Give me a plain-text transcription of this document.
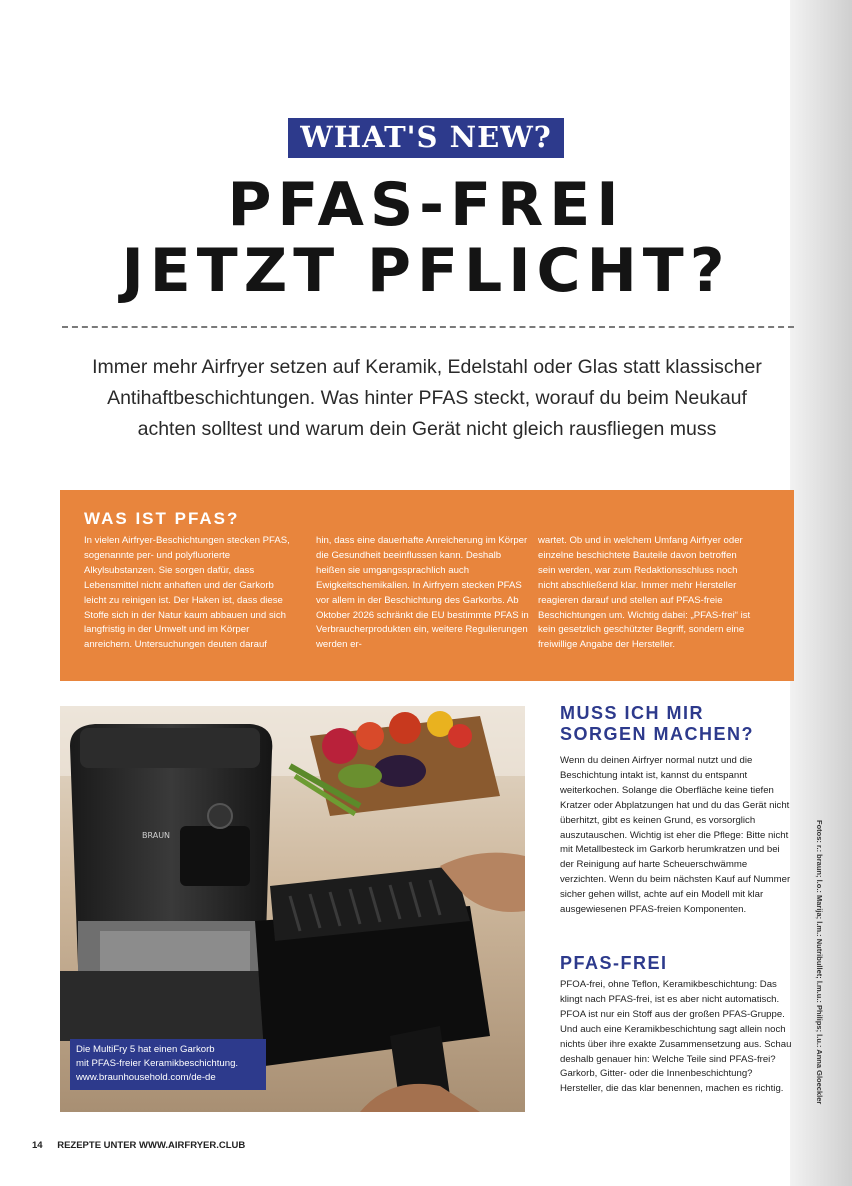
WHAT'S NEW?
PFAS-FREI
JETZT PFLICHT?

Immer mehr Airfryer setzen auf Keramik, Edelstahl oder Glas statt klassischer
Antihaftbeschichtungen. Was hinter PFAS steckt, worauf du beim Neukauf
achten solltest und warum dein Gerät nicht gleich rausfliegen muss

WAS IST PFAS?

In vielen Airfryer-Beschichtungen stecken PFAS, sogenannte per- und polyfluorierte Alkylsubstanzen. Sie sorgen dafür, dass Lebensmittel nicht anhaften und der Garkorb leicht zu reinigen ist. Der Haken ist, dass diese Stoffe sich in der Natur kaum abbauen und sich langfristig in der Umwelt und im Körper anreichern. Untersuchungen deuten darauf

hin, dass eine dauerhafte Anreicherung im Körper die Gesundheit beeinflussen kann. Deshalb heißen sie umgangssprachlich auch Ewigkeitschemikalien. In Airfryern stecken PFAS vor allem in der Beschichtung des Garkorbs. Ab Oktober 2026 schränkt die EU bestimmte PFAS in Verbraucherprodukten ein, weitere Regulierungen werden er-

wartet. Ob und in welchem Umfang Airfryer oder einzelne beschichtete Bauteile davon betroffen sein werden, war zum Redaktionsschluss noch nicht abschließend klar. Immer mehr Hersteller reagieren darauf und stellen auf PFAS-freie Beschichtungen um. Wichtig dabei: „PFAS-frei“ ist kein gesetzlich geschützter Begriff, sondern eine freiwillige Angabe der Hersteller.

BRAUN
Die MultiFry 5 hat einen Garkorb
mit PFAS-freier Keramikbeschichtung.
www.braunhousehold.com/de-de
MUSS ICH MIR
SORGEN MACHEN?

Wenn du deinen Airfryer normal nutzt und die Beschichtung intakt ist, kannst du entspannt weiterkochen. Solange die Oberfläche keine tiefen Kratzer oder Abplatzungen hat und du das Gerät nicht überhitzt, gibt es keinen Grund, es vorsorglich auszutauschen. Wichtig ist eher die Pflege: Bitte nicht mit Metallbesteck im Garkorb herumkratzen und bei der Reinigung auf harte Scheuerschwämme verzichten. Wenn du beim nächsten Kauf auf Nummer sicher gehen willst, achte auf ein Modell mit klar ausgewiesenen PFAS-freien Komponenten.

PFAS-FREI

PFOA-frei, ohne Teflon, Keramikbeschichtung: Das klingt nach PFAS-frei, ist es aber nicht automatisch. PFOA ist nur ein Stoff aus der großen PFAS-Gruppe. Und auch eine Keramikbeschichtung sagt allein noch nichts über ihre exakte Zusammensetzung aus. Schau deshalb genauer hin: Welche Teile sind PFAS-frei? Garkorb, Gitter- oder die Innenbeschichtung? Hersteller, die das klar benennen, machen es richtig.	Fotos: r.: braun; l.o.: Marija; l.m.: Nutribullet; l.m.u.: Philips; l.u.: Anna Gloeckler
14 REZEPTE UNTER WWW.AIRFRYER.CLUB
